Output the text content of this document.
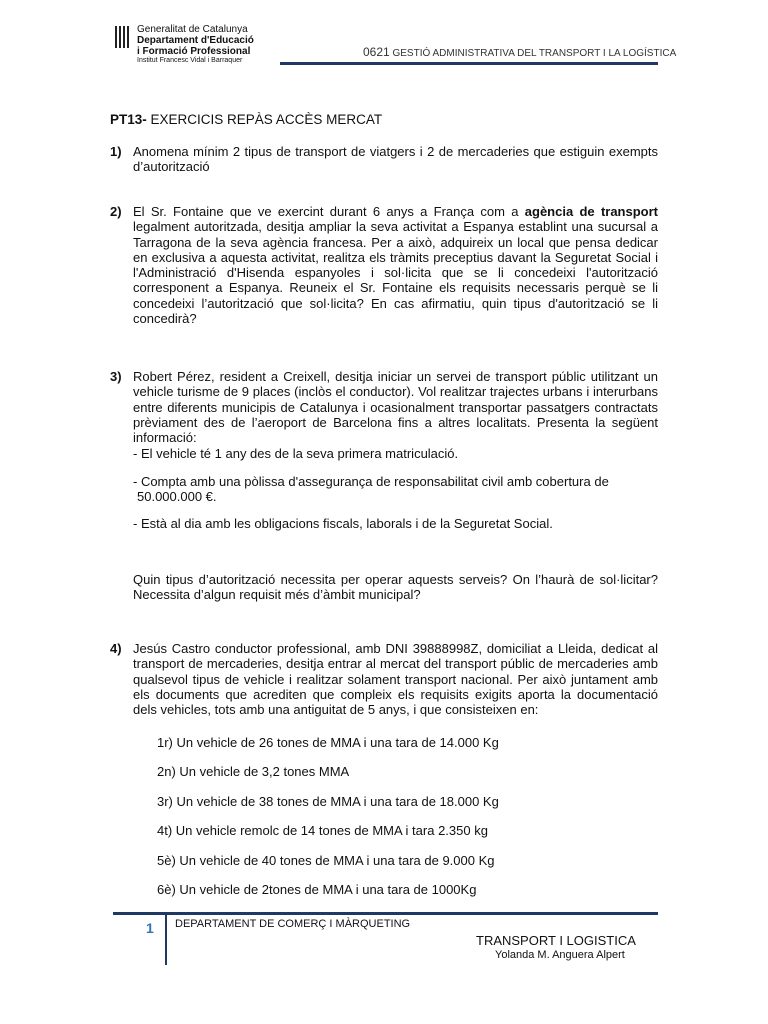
Generalitat de Catalunya
Departament d'Educació
i Formació Professional
Institut Francesc Vidal i Barraquer
0621 GESTIÓ ADMINISTRATIVA DEL TRANSPORT I LA LOGÍSTICA
PT13- EXERCICIS REPÀS ACCÈS MERCAT
1) Anomena mínim 2 tipus de transport de viatgers i 2 de mercaderies que estiguin exempts d’autorització
2) El Sr. Fontaine que ve exercint durant 6 anys a França com a agència de transport legalment autoritzada, desitja ampliar la seva activitat a Espanya establint una sucursal a Tarragona de la seva agència francesa. Per a això, adquireix un local que pensa dedicar en exclusiva a aquesta activitat, realitza els tràmits preceptius davant la Seguretat Social i l'Administració d'Hisenda espanyoles i sol·licita que se li concedeixi l'autorització corresponent a Espanya. Reuneix el Sr. Fontaine els requisits necessaris perquè se li concedeixi l’autorització que sol·licita? En cas afirmatiu, quin tipus d'autorització se li concedirà?
3) Robert Pérez, resident a Creixell, desitja iniciar un servei de transport públic utilitzant un vehicle turisme de 9 places (inclòs el conductor). Vol realitzar trajectes urbans i interurbans entre diferents municipis de Catalunya i ocasionalment transportar passatgers contractats prèviament des de l’aeroport de Barcelona fins a altres localitats. Presenta la següent informació:
- El vehicle té 1 any des de la seva primera matriculació.
- Compta amb una pòlissa d'assegurança de responsabilitat civil amb cobertura de
50.000.000 €.
- Està al dia amb les obligacions fiscals, laborals i de la Seguretat Social.
Quin tipus d’autorització necessita per operar aquests serveis? On l’haurà de sol·licitar? Necessita d’algun requisit més d’àmbit municipal?
4) Jesús Castro conductor professional, amb DNI 39888998Z, domiciliat a Lleida, dedicat al transport de mercaderies, desitja entrar al mercat del transport públic de mercaderies amb qualsevol tipus de vehicle i realitzar solament transport nacional. Per això juntament amb els documents que acrediten que compleix els requisits exigits aporta la documentació dels vehicles, tots amb una antiguitat de 5 anys, i que consisteixen en:
1r) Un vehicle de 26 tones de MMA i una tara de 14.000 Kg
2n) Un vehicle de 3,2 tones MMA
3r) Un vehicle de 38 tones de MMA i una tara de 18.000 Kg
4t) Un vehicle remolc de 14 tones de MMA i tara 2.350 kg
5è) Un vehicle de 40 tones de MMA i una tara de 9.000 Kg
6è) Un vehicle de 2tones de MMA i una tara de 1000Kg
1 DEPARTAMENT DE COMERÇ I MÀRQUETING
TRANSPORT I LOGISTICA
Yolanda M. Anguera Alpert
